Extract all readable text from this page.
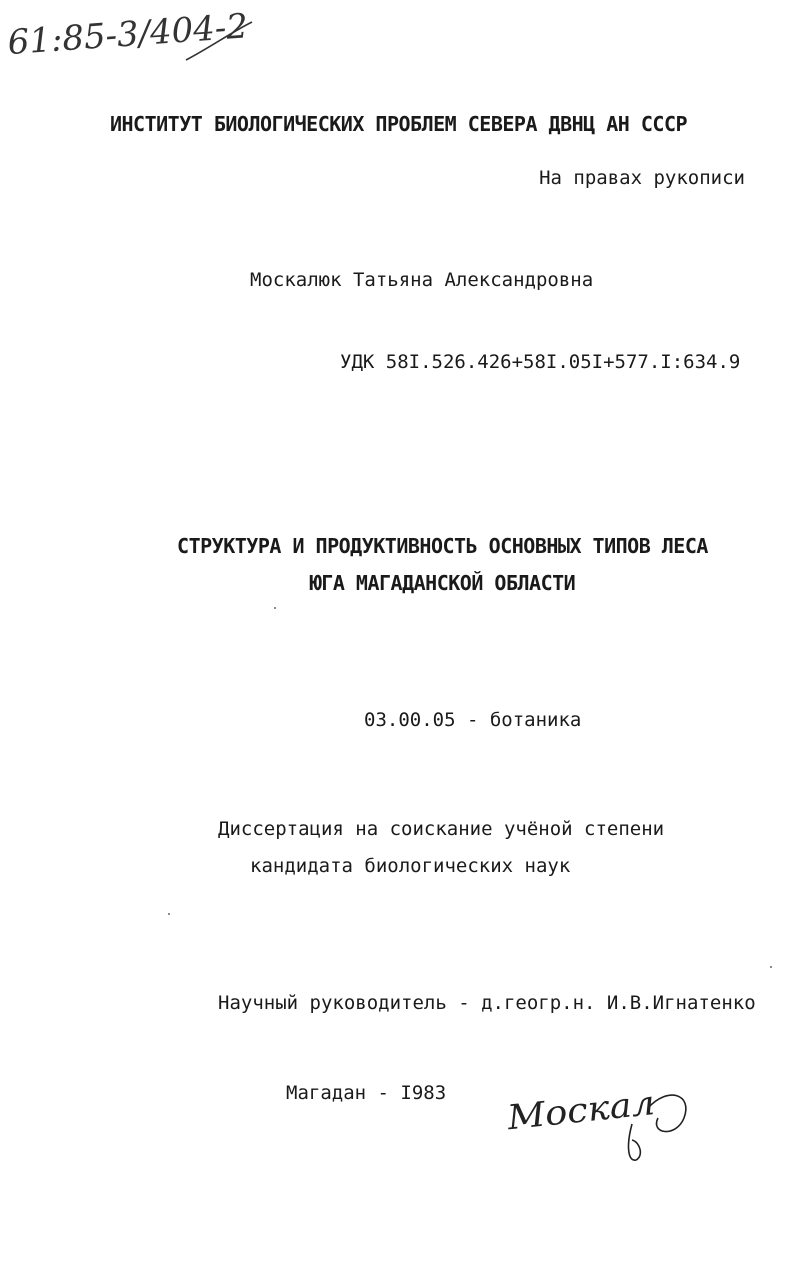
61:85-3/404-2
ИНСТИТУТ БИОЛОГИЧЕСКИХ ПРОБЛЕМ СЕВЕРА ДВНЦ АН СССР
На правах рукописи
Москалюк Татьяна Александровна
УДК 58I.526.426+58I.05I+577.I:634.9
СТРУКТУРА И ПРОДУКТИВНОСТЬ ОСНОВНЫХ ТИПОВ ЛЕСА
ЮГА МАГАДАНСКОЙ ОБЛАСТИ
03.00.05 - ботаника
Диссертация на соискание учёной степени
кандидата биологических наук
Научный руководитель - д.геогр.н. И.В.Игнатенко
Магадан - I983 Москал
